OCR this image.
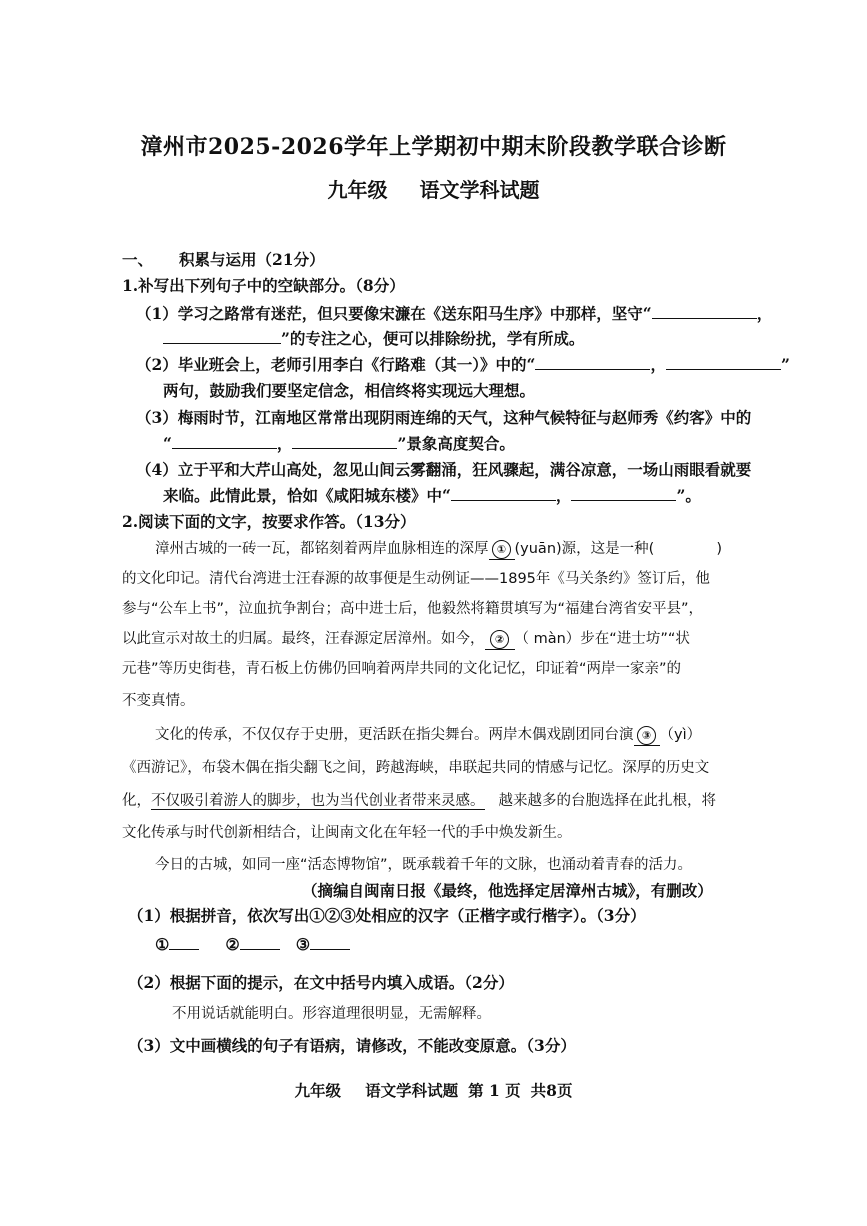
漳州市2025-2026学年上学期初中期末阶段教学联合诊断
九年级 语文学科试题
一、 积累与运用（21分）
1.补写出下列句子中的空缺部分。（8分）
（1）学习之路常有迷茫，但只要像宋濂在《送东阳马生序》中那样，坚守“	，
”的专注之心，便可以排除纷扰，学有所成。
（2）毕业班会上，老师引用李白《行路难（其一）》中的“	，	”
两句，鼓励我们要坚定信念，相信终将实现远大理想。
（3）梅雨时节，江南地区常常出现阴雨连绵的天气，这种气候特征与赵师秀《约客》中的
“	，	”景象高度契合。
（4）立于平和大芹山高处，忽见山间云雾翻涌，狂风骤起，满谷凉意，一场山雨眼看就要
来临。此情此景，恰如《咸阳城东楼》中“	，	”。
2.阅读下面的文字，按要求作答。（13分）
漳州古城的一砖一瓦，都铭刻着两岸血脉相连的深厚 ① (yuān)源，这是一种(	)
的文化印记。清代台湾进士汪春源的故事便是生动例证——1895年《马关条约》签订后，他
参与“公车上书”，泣血抗争割台；高中进士后，他毅然将籍贯填写为“福建台湾省安平县”，
以此宣示对故土的归属。最终，汪春源定居漳州。如今， ② （ màn）步在“进士坊”“状
元巷”等历史街巷，青石板上仿佛仍回响着两岸共同的文化记忆，印证着“两岸一家亲”的
不变真情。
文化的传承，不仅仅存于史册，更活跃在指尖舞台。两岸木偶戏剧团同台演 ③ （yì）
《西游记》，布袋木偶在指尖翻飞之间，跨越海峡，串联起共同的情感与记忆。深厚的历史文
化，不仅吸引着游人的脚步，也为当代创业者带来灵感。 越来越多的台胞选择在此扎根，将
文化传承与时代创新相结合，让闽南文化在年轻一代的手中焕发新生。
今日的古城，如同一座“活态博物馆”，既承载着千年的文脉，也涌动着青春的活力。
（摘编自闽南日报《最终，他选择定居漳州古城》，有删改）
（1）根据拼音，依次写出①②③处相应的汉字（正楷字或行楷字）。（3分）
①	②	③
（2）根据下面的提示，在文中括号内填入成语。（2分）
不用说话就能明白。形容道理很明显，无需解释。
（3）文中画横线的句子有语病，请修改，不能改变原意。（3分）
九年级 语文学科试题 第 1 页 共8页
